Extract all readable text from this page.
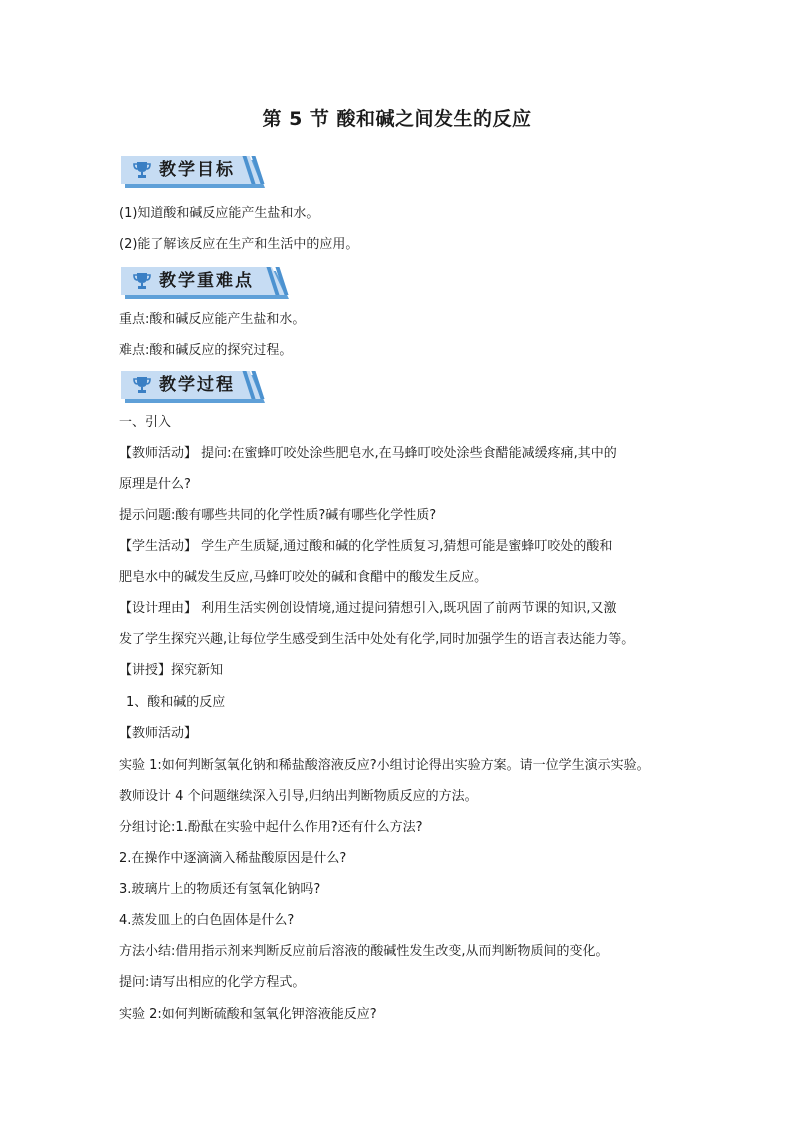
第 5 节 酸和碱之间发生的反应
教学目标
(1)知道酸和碱反应能产生盐和水。
(2)能了解该反应在生产和生活中的应用。
教学重难点
重点:酸和碱反应能产生盐和水。
难点:酸和碱反应的探究过程。
教学过程
一、引入
【教师活动】 提问:在蜜蜂叮咬处涂些肥皂水,在马蜂叮咬处涂些食醋能减缓疼痛,其中的
原理是什么?
提示问题:酸有哪些共同的化学性质?碱有哪些化学性质?
【学生活动】 学生产生质疑,通过酸和碱的化学性质复习,猜想可能是蜜蜂叮咬处的酸和
肥皂水中的碱发生反应,马蜂叮咬处的碱和食醋中的酸发生反应。
【设计理由】 利用生活实例创设情境,通过提问猜想引入,既巩固了前两节课的知识,又激
发了学生探究兴趣,让每位学生感受到生活中处处有化学,同时加强学生的语言表达能力等。
【讲授】探究新知
1、酸和碱的反应
【教师活动】
实验 1:如何判断氢氧化钠和稀盐酸溶液反应?小组讨论得出实验方案。请一位学生演示实验。
教师设计 4 个问题继续深入引导,归纳出判断物质反应的方法。
分组讨论:1.酚酞在实验中起什么作用?还有什么方法?
2.在操作中逐滴滴入稀盐酸原因是什么?
3.玻璃片上的物质还有氢氧化钠吗?
4.蒸发皿上的白色固体是什么?
方法小结:借用指示剂来判断反应前后溶液的酸碱性发生改变,从而判断物质间的变化。
提问:请写出相应的化学方程式。
实验 2:如何判断硫酸和氢氧化钾溶液能反应?
